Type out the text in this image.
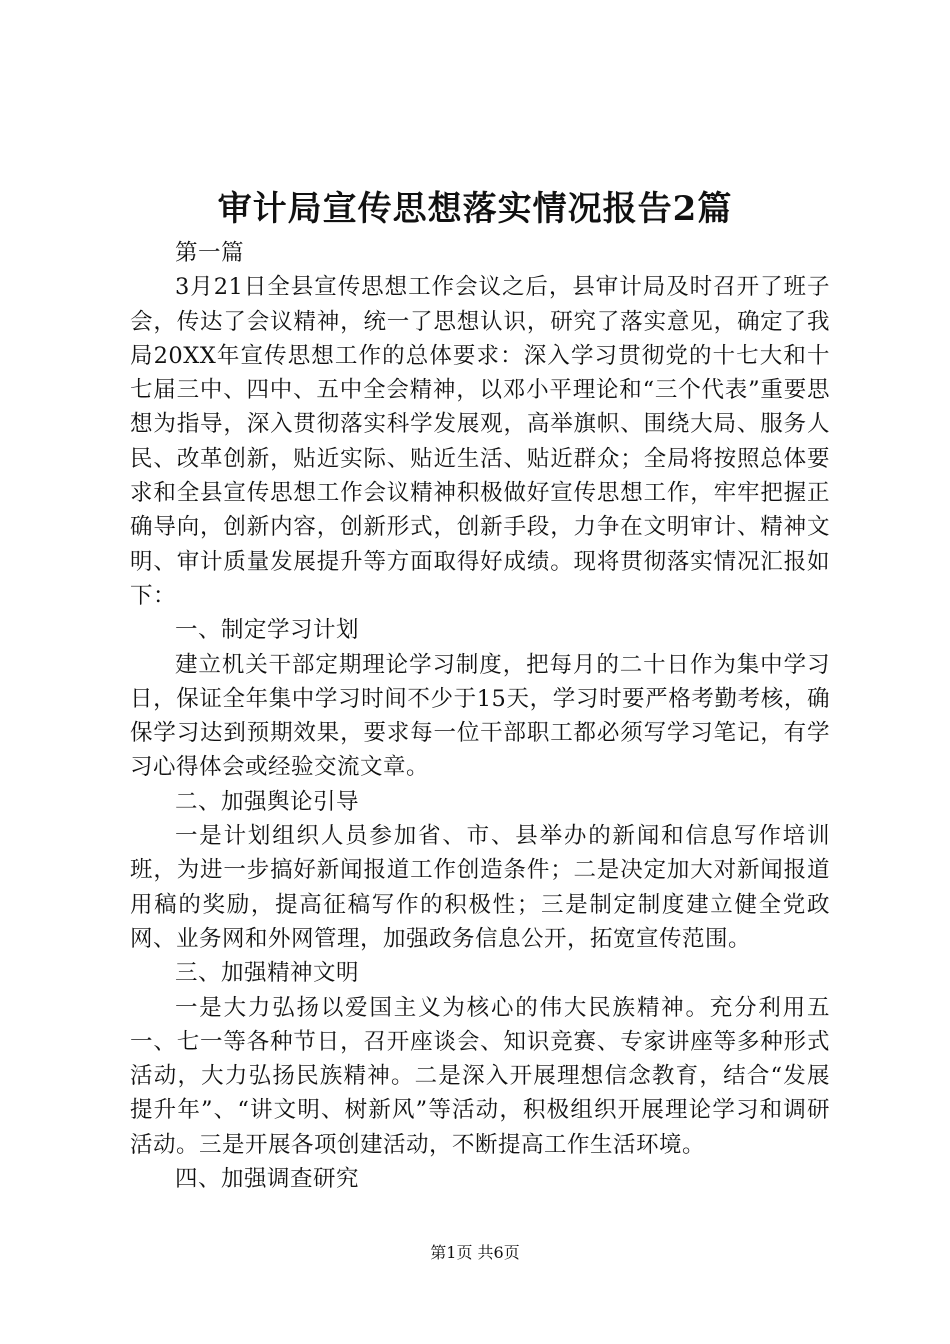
审计局宣传思想落实情况报告2篇

第一篇

3月21日全县宣传思想工作会议之后，县审计局及时召开了班子会，传达了会议精神，统一了思想认识，研究了落实意见，确定了我局20XX年宣传思想工作的总体要求：深入学习贯彻党的十七大和十七届三中、四中、五中全会精神，以邓小平理论和“三个代表”重要思想为指导，深入贯彻落实科学发展观，高举旗帜、围绕大局、服务人民、改革创新，贴近实际、贴近生活、贴近群众；全局将按照总体要求和全县宣传思想工作会议精神积极做好宣传思想工作，牢牢把握正确导向，创新内容，创新形式，创新手段，力争在文明审计、精神文明、审计质量发展提升等方面取得好成绩。现将贯彻落实情况汇报如下：

一、制定学习计划

建立机关干部定期理论学习制度，把每月的二十日作为集中学习日，保证全年集中学习时间不少于15天，学习时要严格考勤考核，确保学习达到预期效果，要求每一位干部职工都必须写学习笔记，有学习心得体会或经验交流文章。

二、加强舆论引导

一是计划组织人员参加省、市、县举办的新闻和信息写作培训班，为进一步搞好新闻报道工作创造条件；二是决定加大对新闻报道用稿的奖励，提高征稿写作的积极性；三是制定制度建立健全党政网、业务网和外网管理，加强政务信息公开，拓宽宣传范围。

三、加强精神文明

一是大力弘扬以爱国主义为核心的伟大民族精神。充分利用五一、七一等各种节日，召开座谈会、知识竞赛、专家讲座等多种形式活动，大力弘扬民族精神。二是深入开展理想信念教育，结合“发展提升年”、“讲文明、树新风”等活动，积极组织开展理论学习和调研活动。三是开展各项创建活动，不断提高工作生活环境。

四、加强调查研究

第1页 共6页
